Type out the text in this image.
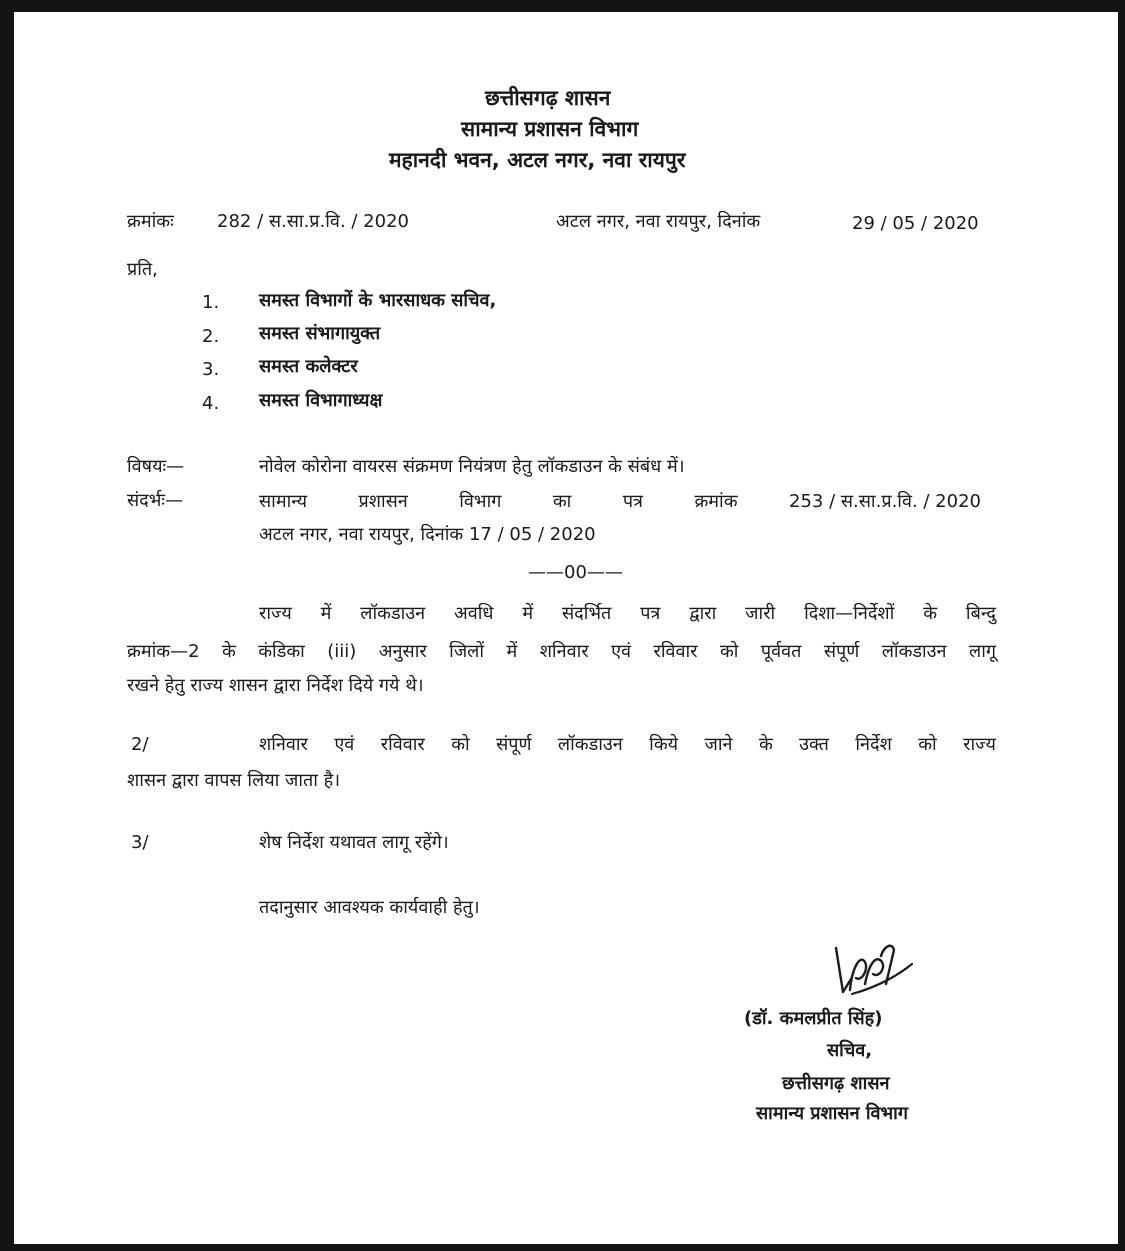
छत्तीसगढ़ शासन
सामान्य प्रशासन विभाग
महानदी भवन, अटल नगर, नवा रायपुर
क्रमांकः 282 / स.सा.प्र.वि. / 2020	अटल नगर, नवा रायपुर, दिनांक	29 / 05 / 2020
प्रति,
1. समस्त विभागों के भारसाधक सचिव,
2. समस्त संभागायुक्त
3. समस्त कलेक्टर
4. समस्त विभागाध्यक्ष
विषयः—	नोवेल कोरोना वायरस संक्रमण नियंत्रण हेतु लॉकडाउन के संबंध में।
संदर्भः—	सामान्य	प्रशासन	विभाग	का	पत्र	क्रमांक	253 / स.सा.प्र.वि. / 2020
अटल नगर, नवा रायपुर, दिनांक 17 / 05 / 2020
——00——
राज्य में लॉकडाउन अवधि में संदर्भित पत्र द्वारा जारी दिशा—निर्देशों के बिन्दु
क्रमांक—2 के कंडिका (iii) अनुसार जिलों में शनिवार एवं रविवार को पूर्ववत संपूर्ण लॉकडाउन लागू
रखने हेतु राज्य शासन द्वारा निर्देश दिये गये थे।
2/	शनिवार एवं रविवार को संपूर्ण लॉकडाउन किये जाने के उक्त निर्देश को राज्य
शासन द्वारा वापस लिया जाता है।
3/	शेष निर्देश यथावत लागू रहेंगे।
तदानुसार आवश्यक कार्यवाही हेतु।
(डॉ. कमलप्रीत सिंह)
सचिव,
छत्तीसगढ़ शासन
सामान्य प्रशासन विभाग
